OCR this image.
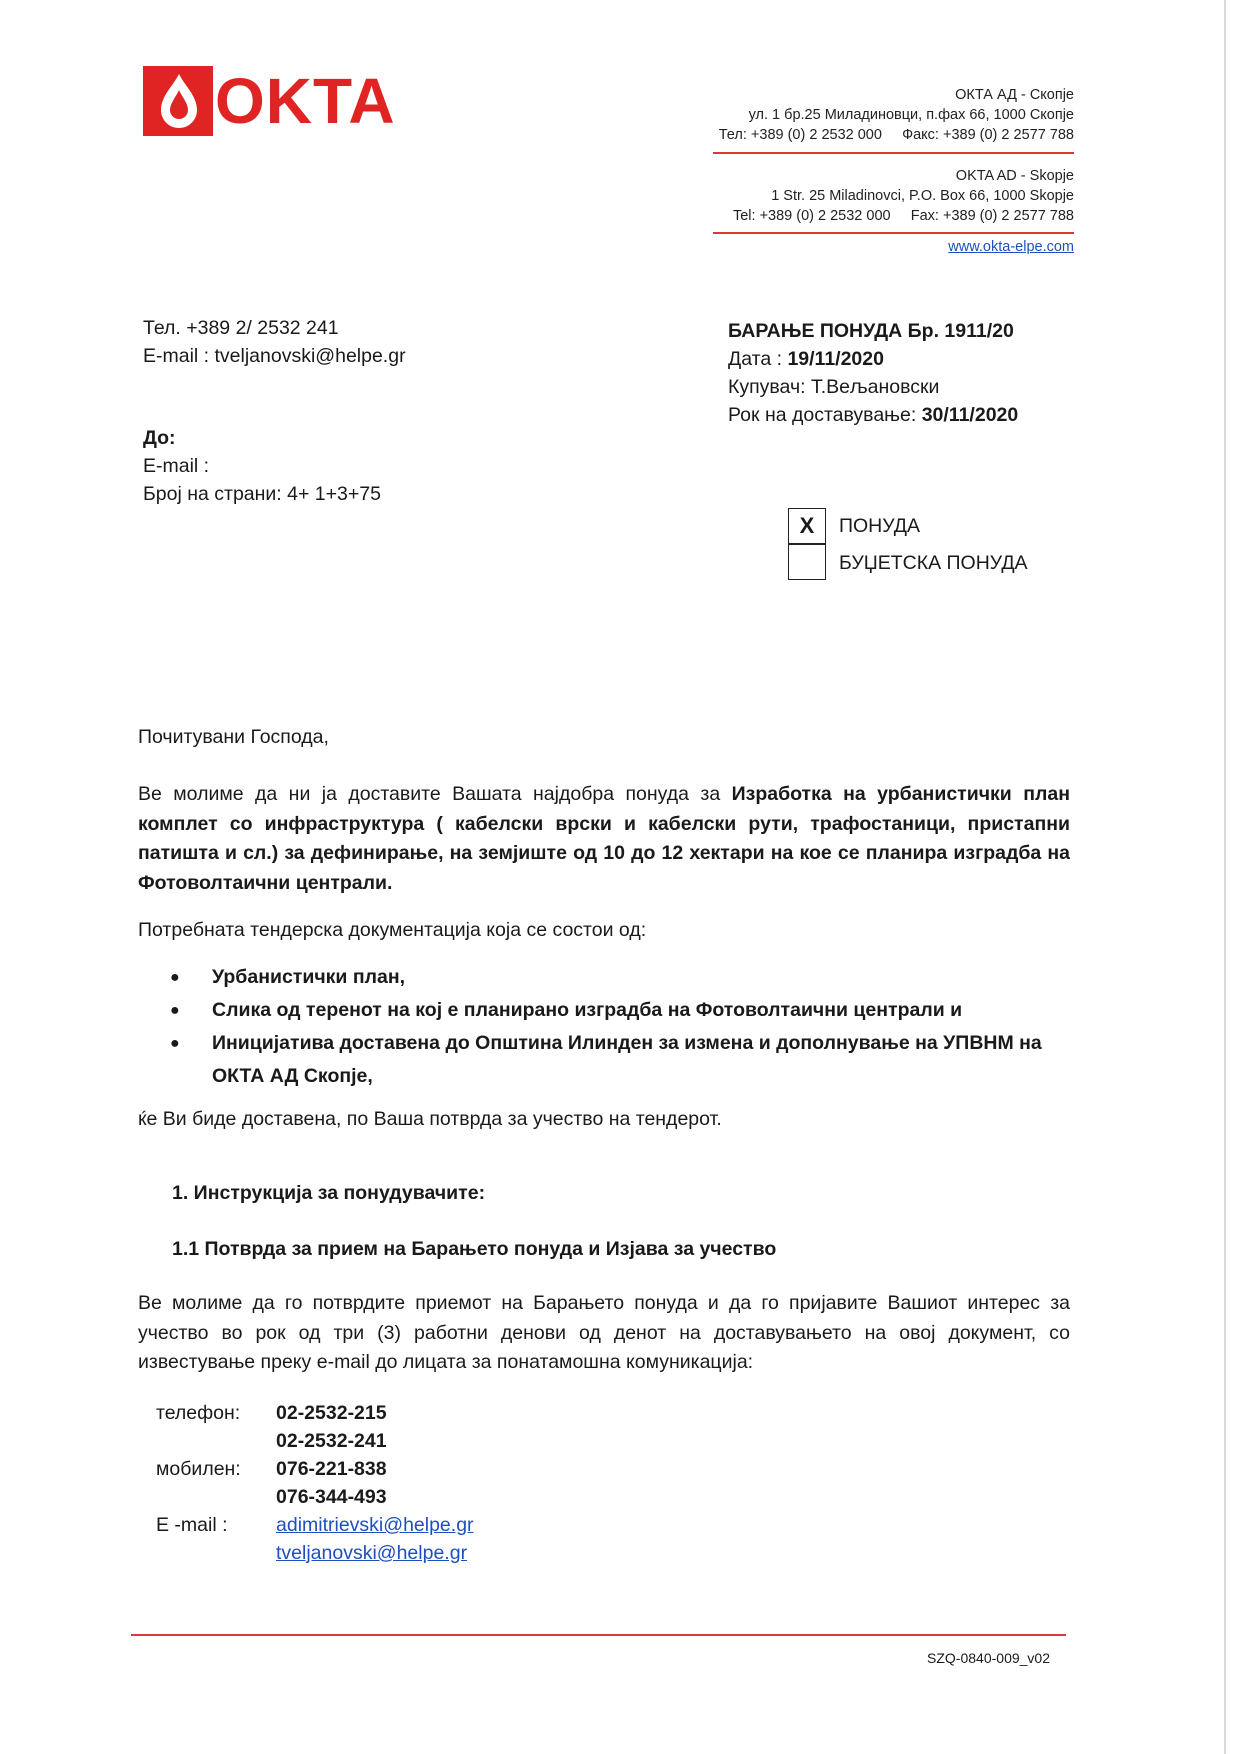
OKTA	ОКТА АД - Скопје
ул. 1 бр.25 Миладиновци, п.фах 66, 1000 Скопје
Тел: +389 (0) 2 2532 000 Факс: +389 (0) 2 2577 788
OKTA AD - Skopje
1 Str. 25 Miladinovci, P.O. Box 66, 1000 Skopje
Tel: +389 (0) 2 2532 000 Fax: +389 (0) 2 2577 788
www.okta-elpe.com
Тел. +389 2/ 2532 241
E-mail : tveljanovski@helpe.gr
До:
E-mail :
Број на страни: 4+ 1+3+75
БАРАЊЕ ПОНУДА Бр. 1911/20
Дата : 19/11/2020
Купувач: Т.Вељановски
Рок на доставување: 30/11/2020
X	ПОНУДА
БУЏЕТСКА ПОНУДА
Почитувани Господа,
Ве молиме да ни ја доставите Вашата најдобра понуда за Изработка на урбанистички план комплет со инфраструктура ( кабелски врски и кабелски рути, трафостаници, пристапни патишта и сл.) за дефинирање, на земјиште од 10 до 12 хектари на кое се планира изградба на Фотоволтаични централи.
Потребната тендерска документација која се состои од:
●	Урбанистички план,
●	Слика од теренот на кој е планирано изградба на Фотоволтаични централи и
●	Иницијатива доставена до Општина Илинден за измена и дополнување на УПВНМ на ОКТА АД Скопје,
ќе Ви биде доставена, по Ваша потврда за учество на тендерот.
1. Инструкција за понудувачите:
1.1 Потврда за прием на Барањето понуда и Изјава за учество
Ве молиме да го потврдите приемот на Барањето понуда и да го пријавите Вашиот интерес за учество во рок од три (3) работни денови од денот на доставувањето на овој документ, со известување преку e-mail до лицата за понатамошна комуникација:
телефон:	02-2532-215
02-2532-241
мобилен:	076-221-838
076-344-493
E -mail :	adimitrievski@helpe.gr
tveljanovski@helpe.gr
SZQ-0840-009_v02
